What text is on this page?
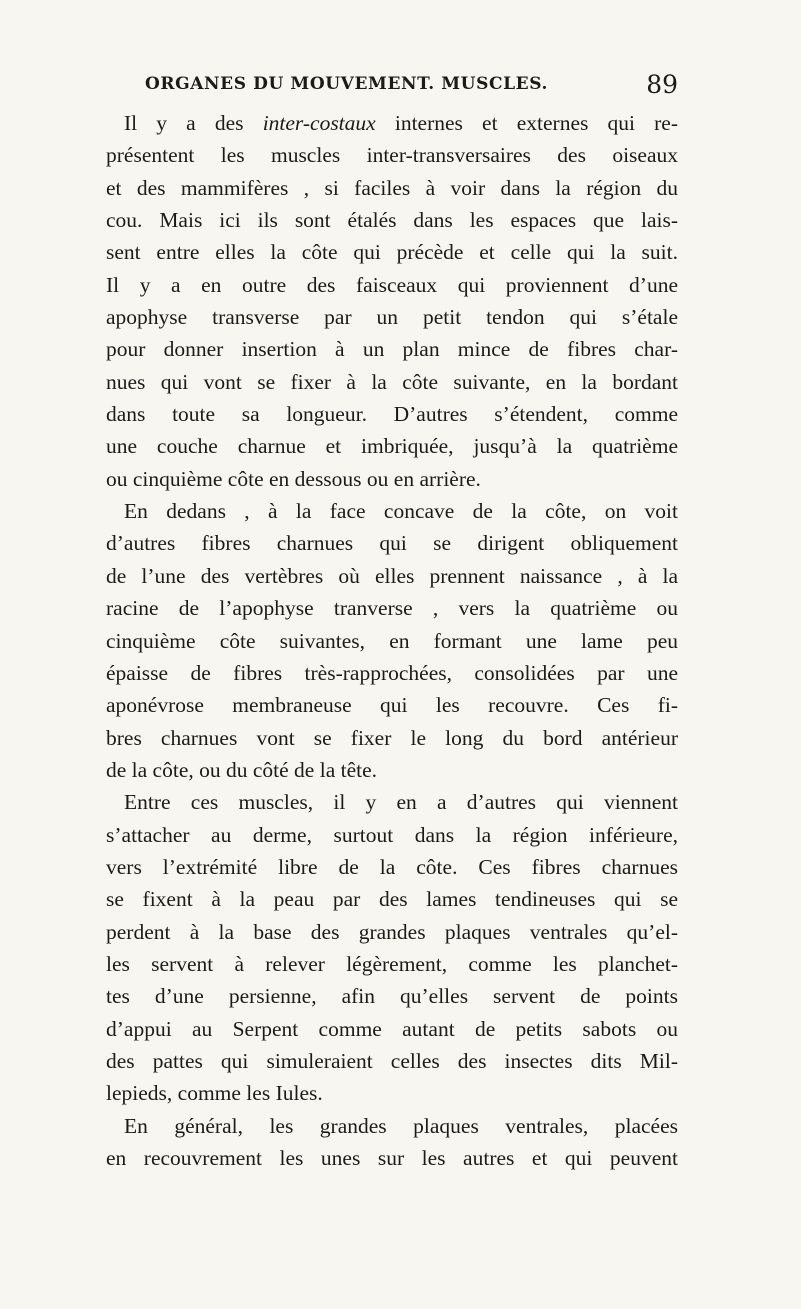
ORGANES DU MOUVEMENT. MUSCLES.	89
Il y a des inter-costaux internes et externes qui re-
présentent les muscles inter-transversaires des oiseaux
et des mammifères , si faciles à voir dans la région du
cou. Mais ici ils sont étalés dans les espaces que lais-
sent entre elles la côte qui précède et celle qui la suit.
Il y a en outre des faisceaux qui proviennent d’une
apophyse transverse par un petit tendon qui s’étale
pour donner insertion à un plan mince de fibres char-
nues qui vont se fixer à la côte suivante, en la bordant
dans toute sa longueur. D’autres s’étendent, comme
une couche charnue et imbriquée, jusqu’à la quatrième
ou cinquième côte en dessous ou en arrière.
En dedans , à la face concave de la côte, on voit
d’autres fibres charnues qui se dirigent obliquement
de l’une des vertèbres où elles prennent naissance , à la
racine de l’apophyse tranverse , vers la quatrième ou
cinquième côte suivantes, en formant une lame peu
épaisse de fibres très-rapprochées, consolidées par une
aponévrose membraneuse qui les recouvre. Ces fi-
bres charnues vont se fixer le long du bord antérieur
de la côte, ou du côté de la tête.
Entre ces muscles, il y en a d’autres qui viennent
s’attacher au derme, surtout dans la région inférieure,
vers l’extrémité libre de la côte. Ces fibres charnues
se fixent à la peau par des lames tendineuses qui se
perdent à la base des grandes plaques ventrales qu’el-
les servent à relever légèrement, comme les planchet-
tes d’une persienne, afin qu’elles servent de points
d’appui au Serpent comme autant de petits sabots ou
des pattes qui simuleraient celles des insectes dits Mil-
lepieds, comme les Iules.
En général, les grandes plaques ventrales, placées
en recouvrement les unes sur les autres et qui peuvent
